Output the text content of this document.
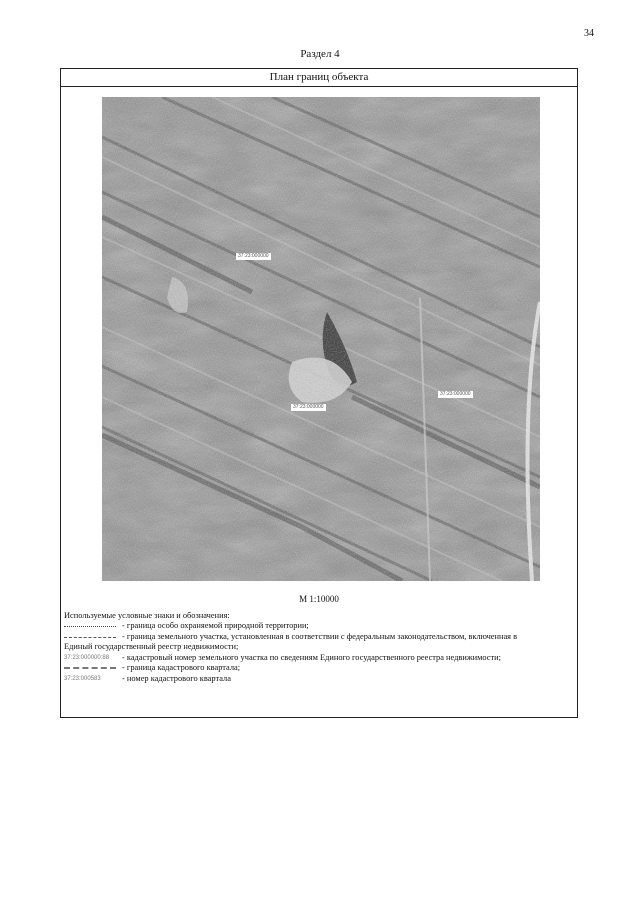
34
Раздел 4
План границ объекта
37:23:000000
37:23:000000
37:23:000000
М 1:10000
Используемые условные знаки и обозначения:
- граница особо охраняемой природной территории;
- граница земельного участка, установленная в соответствии с федеральным законодательством, включенная в
Единый государственный реестр недвижимости;
37:23:000000:88 - кадастровый номер земельного участка по сведениям Единого государственного реестра недвижимости;
- граница кадастрового квартала;
37:23:000583	- номер кадастрового квартала
